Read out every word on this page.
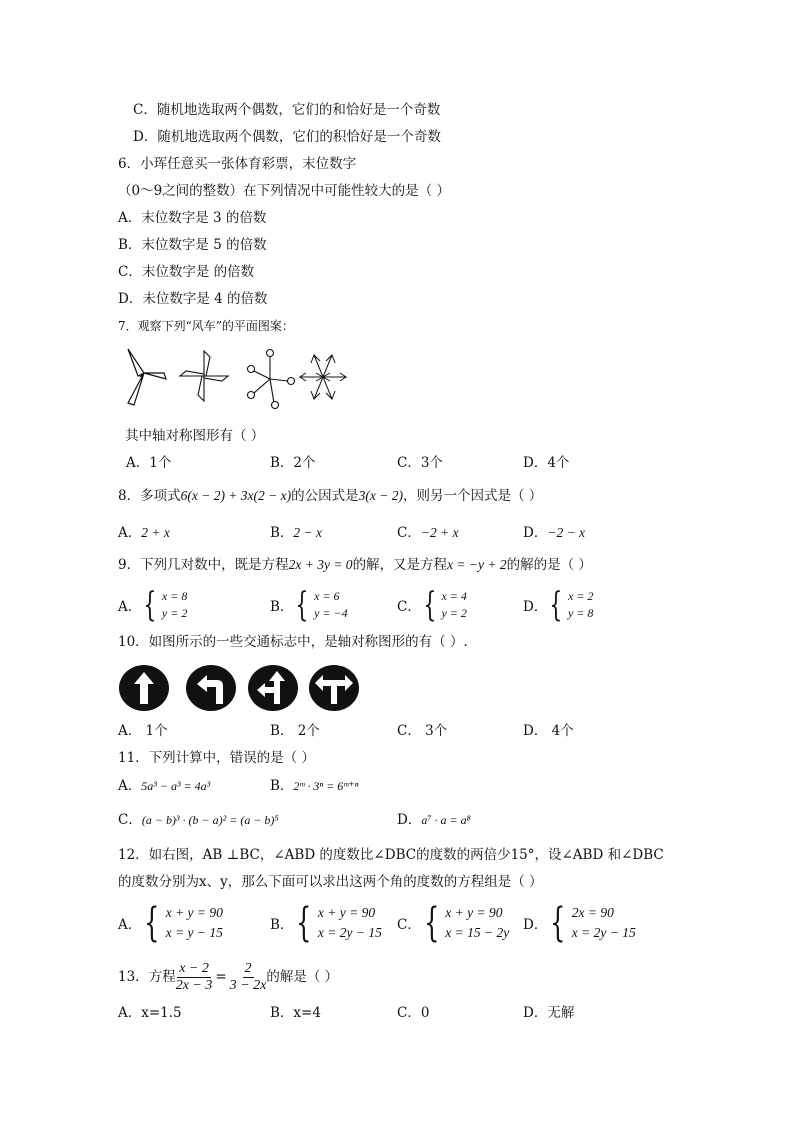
C．随机地选取两个偶数，它们的和恰好是一个奇数
D．随机地选取两个偶数，它们的积恰好是一个奇数
6．小珲任意买一张体育彩票，末位数字
（0～9之间的整数）在下列情况中可能性较大的是（ ）
A．末位数字是 3 的倍数
B．末位数字是 5 的倍数
C．末位数字是 的倍数
D．未位数字是 4 的倍数
7．观察下列“风车”的平面图案：
其中轴对称图形有（ ）
A．1个	B．2个	C．3个	D．4个
8．多项式6(x − 2) + 3x(2 − x)的公因式是3(x − 2)，则另一个因式是（ ）
A．2 + x	B．2 − x	C．−2 + x	D．−2 − x
9．下列几对数中，既是方程2x + 3y = 0的解，又是方程x = −y + 2的解的是（ ）
A． { x = 8
y = 2	B． { x = 6
y = −4	C． { x = 4
y = 2	D． { x = 2
y = 8
10．如图所示的一些交通标志中，是轴对称图形的有（ ）.
A． 1个	B． 2个	C． 3个	D． 4个
11．下列计算中，错误的是（ ）
A．5a³ − a³ = 4a³	B．2ᵐ · 3ⁿ = 6ᵐ⁺ⁿ
C．(a − b)³ · (b − a)² = (a − b)⁵	D．a⁷ · a = a⁸
12．如右图，AB ⊥BC，∠ABD 的度数比∠DBC的度数的两倍少15°，设∠ABD 和∠DBC
的度数分别为x、y，那么下面可以求出这两个角的度数的方程组是（ ）
A． { x + y = 90
x = y − 15	B． { x + y = 90
x = 2y − 15 C． { x + y = 90
x = 15 − 2y D． { 2x = 90
x = 2y − 15
13．方程 $\frac{x - 2}{2x - 3} = \frac{2}{3 - 2x}$ 的解是（ ）
A．x=1.5	B．x=4	C．0	D．无解
